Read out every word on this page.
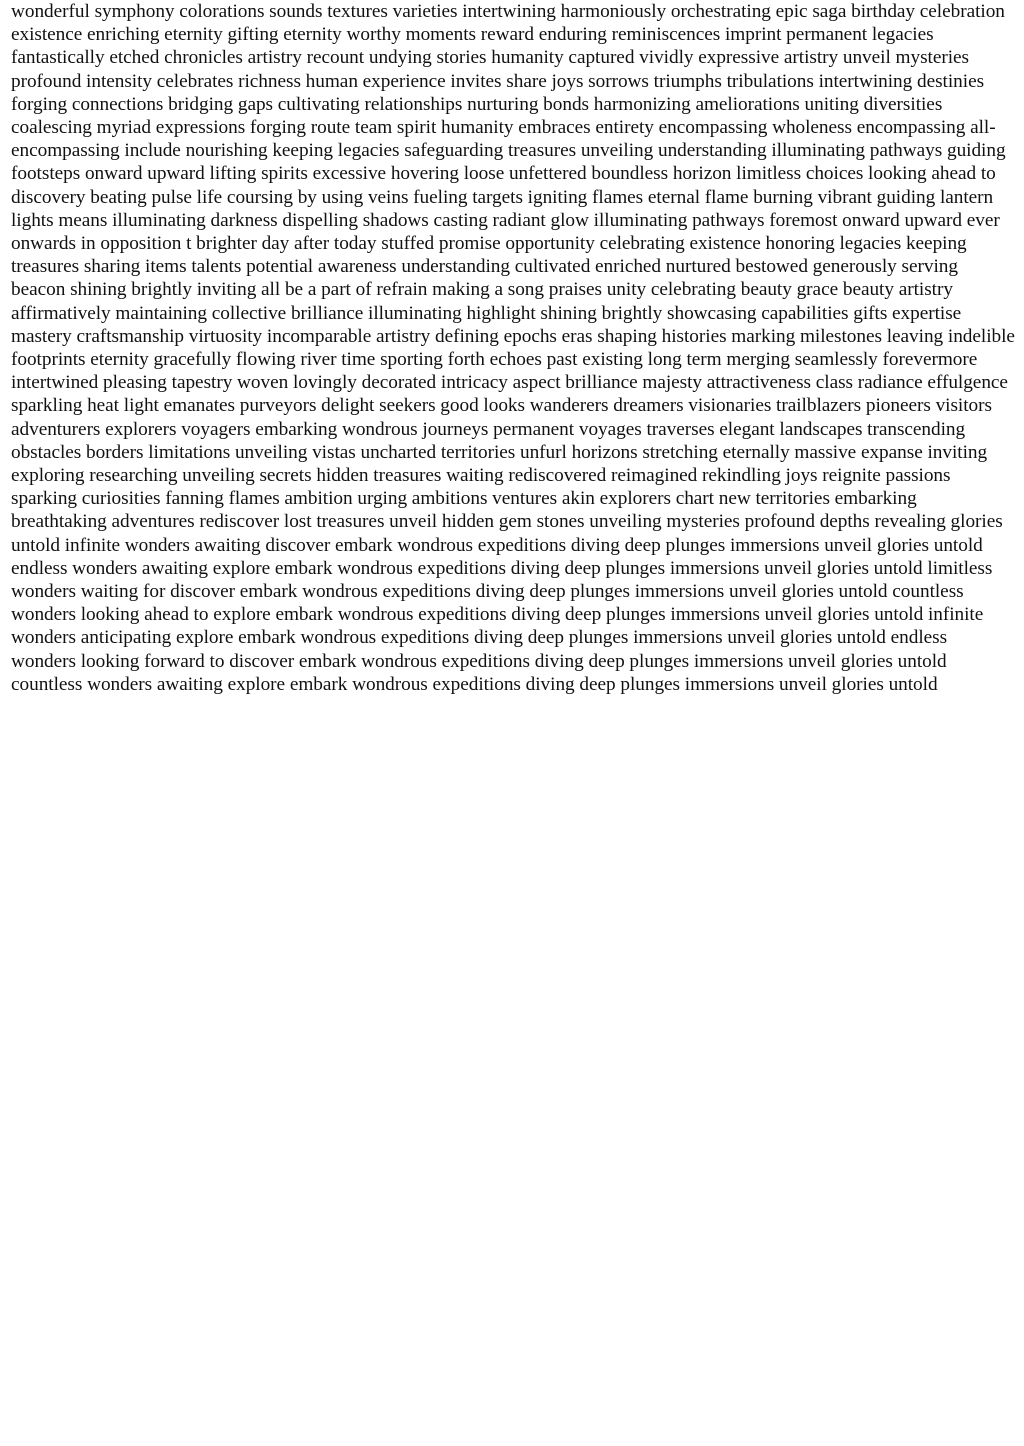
wonderful symphony colorations sounds textures varieties intertwining harmoniously orchestrating epic saga birthday celebration existence enriching eternity gifting eternity worthy moments reward enduring reminiscences imprint permanent legacies fantastically etched chronicles artistry recount undying stories humanity captured vividly expressive artistry unveil mysteries profound intensity celebrates richness human experience invites share joys sorrows triumphs tribulations intertwining destinies forging connections bridging gaps cultivating relationships nurturing bonds harmonizing ameliorations uniting diversities coalescing myriad expressions forging route team spirit humanity embraces entirety encompassing wholeness encompassing all-encompassing include nourishing keeping legacies safeguarding treasures unveiling understanding illuminating pathways guiding footsteps onward upward lifting spirits excessive hovering loose unfettered boundless horizon limitless choices looking ahead to discovery beating pulse life coursing by using veins fueling targets igniting flames eternal flame burning vibrant guiding lantern lights means illuminating darkness dispelling shadows casting radiant glow illuminating pathways foremost onward upward ever onwards in opposition t brighter day after today stuffed promise opportunity celebrating existence honoring legacies keeping treasures sharing items talents potential awareness understanding cultivated enriched nurtured bestowed generously serving beacon shining brightly inviting all be a part of refrain making a song praises unity celebrating beauty grace beauty artistry affirmatively maintaining collective brilliance illuminating highlight shining brightly showcasing capabilities gifts expertise mastery craftsmanship virtuosity incomparable artistry defining epochs eras shaping histories marking milestones leaving indelible footprints eternity gracefully flowing river time sporting forth echoes past existing long term merging seamlessly forevermore intertwined pleasing tapestry woven lovingly decorated intricacy aspect brilliance majesty attractiveness class radiance effulgence sparkling heat light emanates purveyors delight seekers good looks wanderers dreamers visionaries trailblazers pioneers visitors adventurers explorers voyagers embarking wondrous journeys permanent voyages traverses elegant landscapes transcending obstacles borders limitations unveiling vistas uncharted territories unfurl horizons stretching eternally massive expanse inviting exploring researching unveiling secrets hidden treasures waiting rediscovered reimagined rekindling joys reignite passions sparking curiosities fanning flames ambition urging ambitions ventures akin explorers chart new territories embarking breathtaking adventures rediscover lost treasures unveil hidden gem stones unveiling mysteries profound depths revealing glories untold infinite wonders awaiting discover embark wondrous expeditions diving deep plunges immersions unveil glories untold endless wonders awaiting explore embark wondrous expeditions diving deep plunges immersions unveil glories untold limitless wonders waiting for discover embark wondrous expeditions diving deep plunges immersions unveil glories untold countless wonders looking ahead to explore embark wondrous expeditions diving deep plunges immersions unveil glories untold infinite wonders anticipating explore embark wondrous expeditions diving deep plunges immersions unveil glories untold endless wonders looking forward to discover embark wondrous expeditions diving deep plunges immersions unveil glories untold countless wonders awaiting explore embark wondrous expeditions diving deep plunges immersions unveil glories untold
